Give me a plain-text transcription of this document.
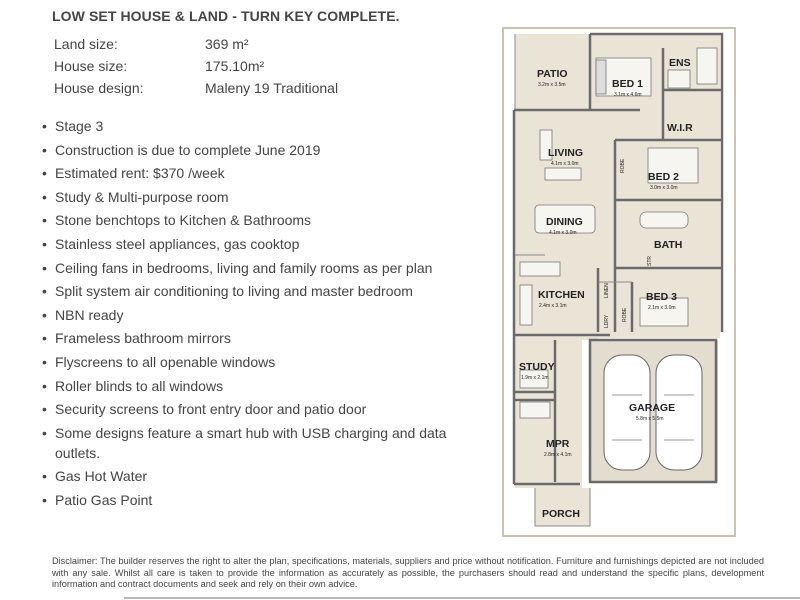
LOW SET HOUSE & LAND - TURN KEY COMPLETE.
Land size:	369 m²
House size:	175.10m²
House design:	Maleny 19 Traditional
• Stage 3
• Construction is due to complete June 2019
• Estimated rent: $370 /week
• Study & Multi-purpose room
• Stone benchtops to Kitchen & Bathrooms
• Stainless steel appliances, gas cooktop
• Ceiling fans in bedrooms, living and family rooms as per plan
• Split system air conditioning to living and master bedroom
• NBN ready
• Frameless bathroom mirrors
• Flyscreens to all openable windows
• Roller blinds to all windows
• Security screens to front entry door and patio door
• Some designs feature a smart hub with USB charging and data outlets.
• Gas Hot Water
• Patio Gas Point
PATIO
3.2m x 3.5m	BED 1
3.1m x 4.6m
ENS
W.I.R
LIVING
4.1m x 3.0m
BED 2
3.0m x 3.0m
DINING
4.1m x 3.0m
BATH
KITCHEN
2.4m x 3.1m
BED 3
2.1m x 3.0m
STUDY
1.9m x 2.1m
GARAGE
5.8m x 5.5m
MPR
2.8m x 4.1m
PORCH
ROBE
ROBE
LINEN
LDRY
STR
Disclaimer: The builder reserves the right to alter the plan, specifications, materials, suppliers and price without notification. Furniture and furnishings depicted are not included with any sale. Whilst all care is taken to provide the information as accurately as possible, the purchasers should read and understand the specific plans, development information and contract documents and seek and rely on their own advice.
